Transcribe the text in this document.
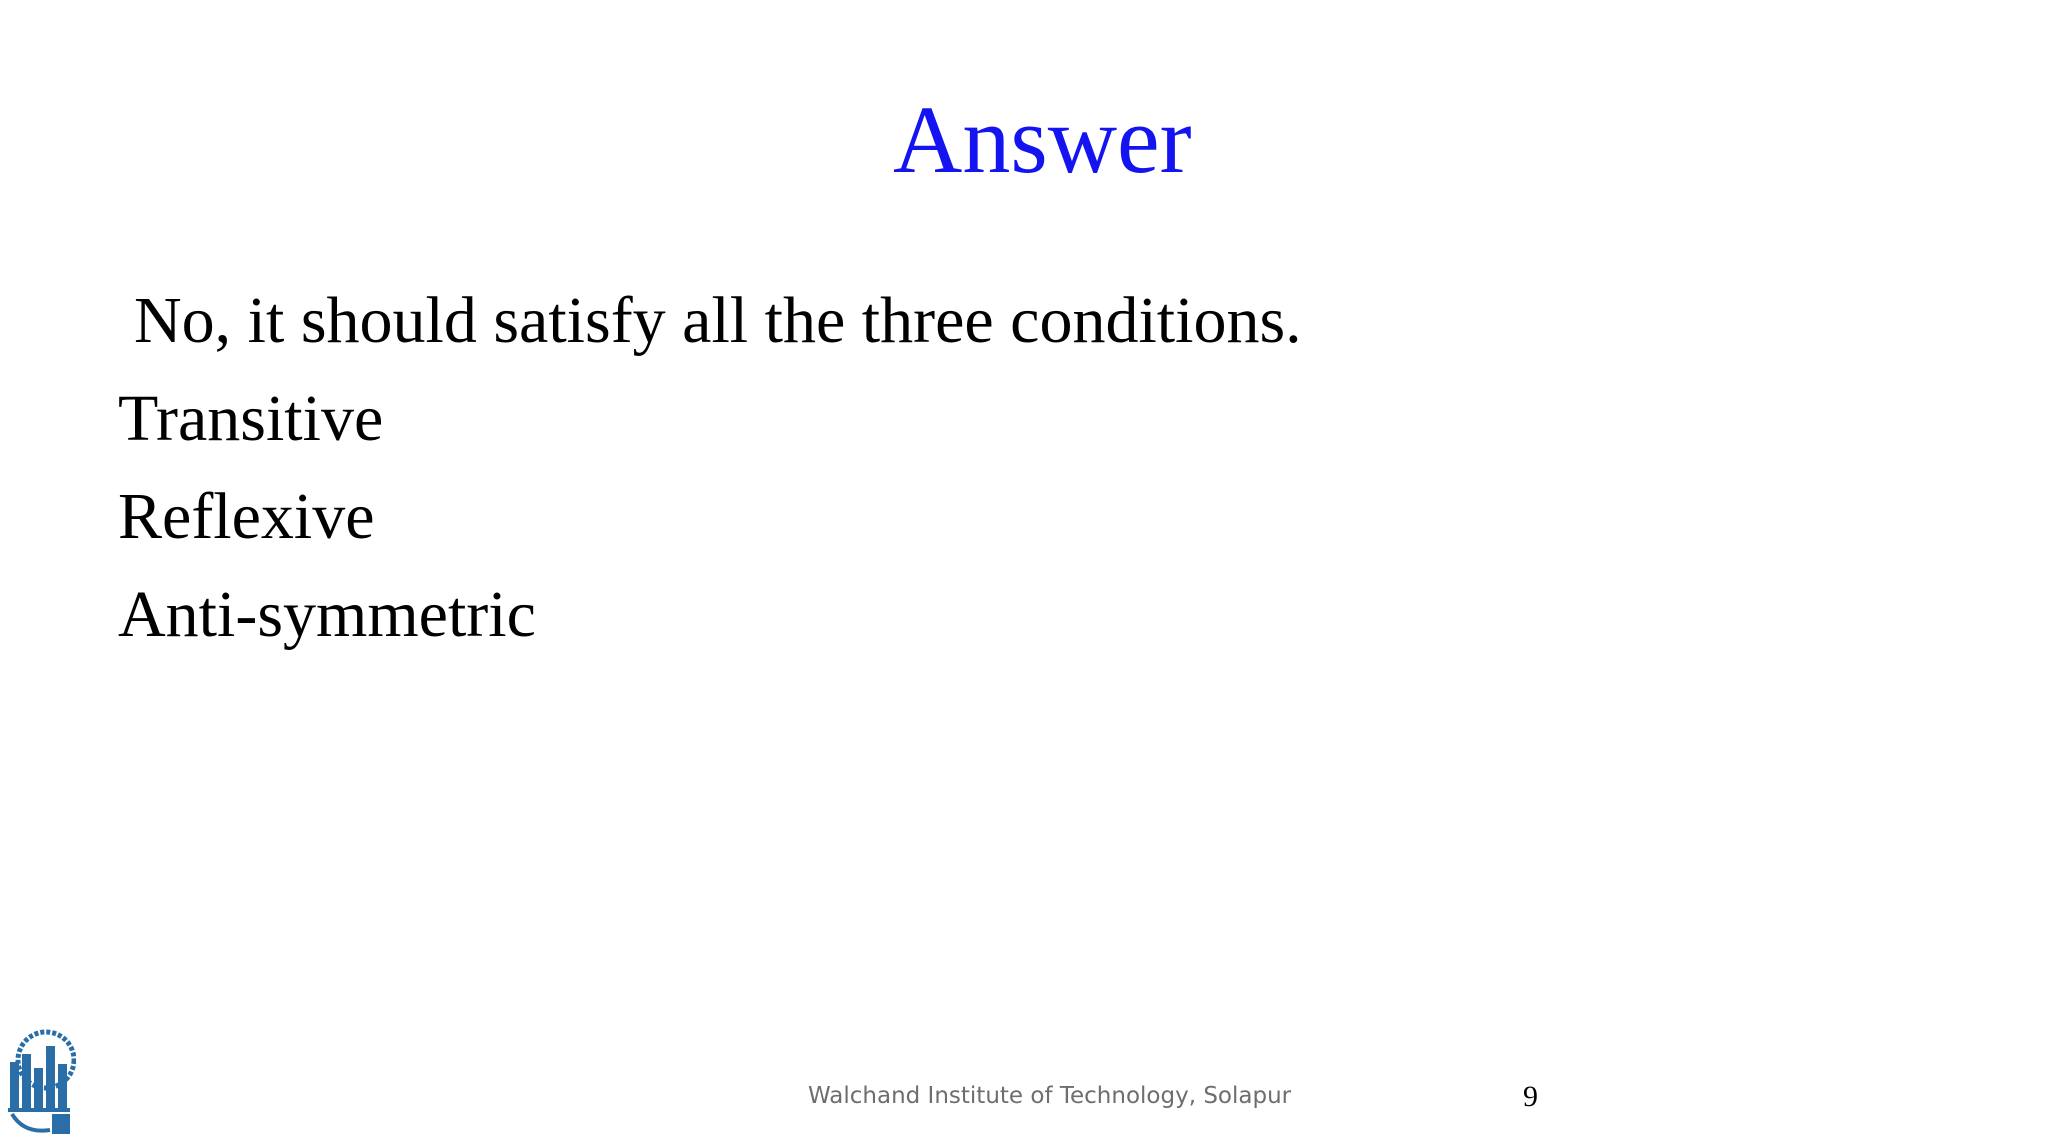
Answer
No, it should satisfy all the three conditions.
Transitive
Reflexive
Anti-symmetric
Walchand Institute of Technology, Solapur	9
